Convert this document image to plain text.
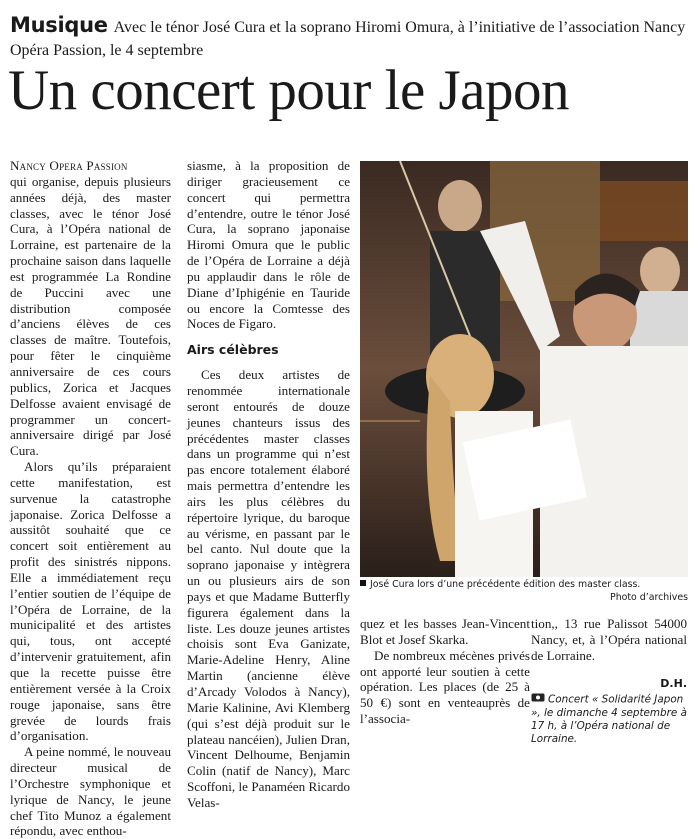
Musique Avec le ténor José Cura et la soprano Hiromi Omura, à l’initiative de l’association Nancy Opéra Passion, le 4 septembre
Un concert pour le Japon

Nancy Opera Passion
qui organise, depuis plusieurs années déjà, des master classes, avec le ténor José Cura, à l’Opéra national de Lorraine, est partenaire de la prochaine saison dans laquelle est programmée La Rondine de Puccini avec une distribution composée d’anciens élèves de ces classes de maître. Toutefois, pour fêter le cinquième anniversaire de ces cours publics, Zorica et Jacques Delfosse avaient envisagé de programmer un concert-anniversaire dirigé par José Cura.

Alors qu’ils préparaient cette manifestation, est survenue la catastrophe japonaise. Zorica Delfosse a aussitôt souhaité que ce concert soit entièrement au profit des sinistrés nippons. Elle a immédiatement reçu l’entier soutien de l’équipe de l’Opéra de Lorraine, de la municipalité et des artistes qui, tous, ont accepté d’intervenir gratuitement, afin que la recette puisse être entièrement versée à la Croix rouge japonaise, sans être grevée de lourds frais d’organisation.

A peine nommé, le nouveau directeur musical de l’Orchestre symphonique et lyrique de Nancy, le jeune chef Tito Munoz a également répondu, avec enthou-

siasme, à la proposition de diriger gracieusement ce concert qui permettra d’entendre, outre le ténor José Cura, la soprano japonaise Hiromi Omura que le public de l’Opéra de Lorraine a déjà pu applaudir dans le rôle de Diane d’Iphigénie en Tauride ou encore la Comtesse des Noces de Figaro.

Airs célèbres

Ces deux artistes de renommée internationale seront entourés de douze jeunes chanteurs issus des précédentes master classes dans un programme qui n’est pas encore totalement élaboré mais permettra d’entendre les airs les plus célèbres du répertoire lyrique, du baroque au vérisme, en passant par le bel canto. Nul doute que la soprano japonaise y intègrera un ou plusieurs airs de son pays et que Madame Butterfly figurera également dans la liste. Les douze jeunes artistes choisis sont Eva Ganizate, Marie-Adeline Henry, Aline Martin (ancienne élève d’Arcady Volodos à Nancy), Marie Kalinine, Avi Klemberg (qui s’est déjà produit sur le plateau nancéien), Julien Dran, Vincent Delhoume, Benjamin Colin (natif de Nancy), Marc Scoffoni, le Panaméen Ricardo Velas-

José Cura lors d’une précédente édition des master class.
Photo d’archives

quez et les basses Jean-Vincent Blot et Josef Skarka.

De nombreux mécènes privés ont apporté leur soutien à cette opération. Les places (de 25 à 50 €) sont en venteauprès de l’associa-

tion,, 13 rue Palissot 54000 Nancy, et, à l’Opéra national de Lorraine.

D.H.
Concert « Solidarité Japon », le dimanche 4 septembre à 17 h, à l’Opéra national de Lorraine.
